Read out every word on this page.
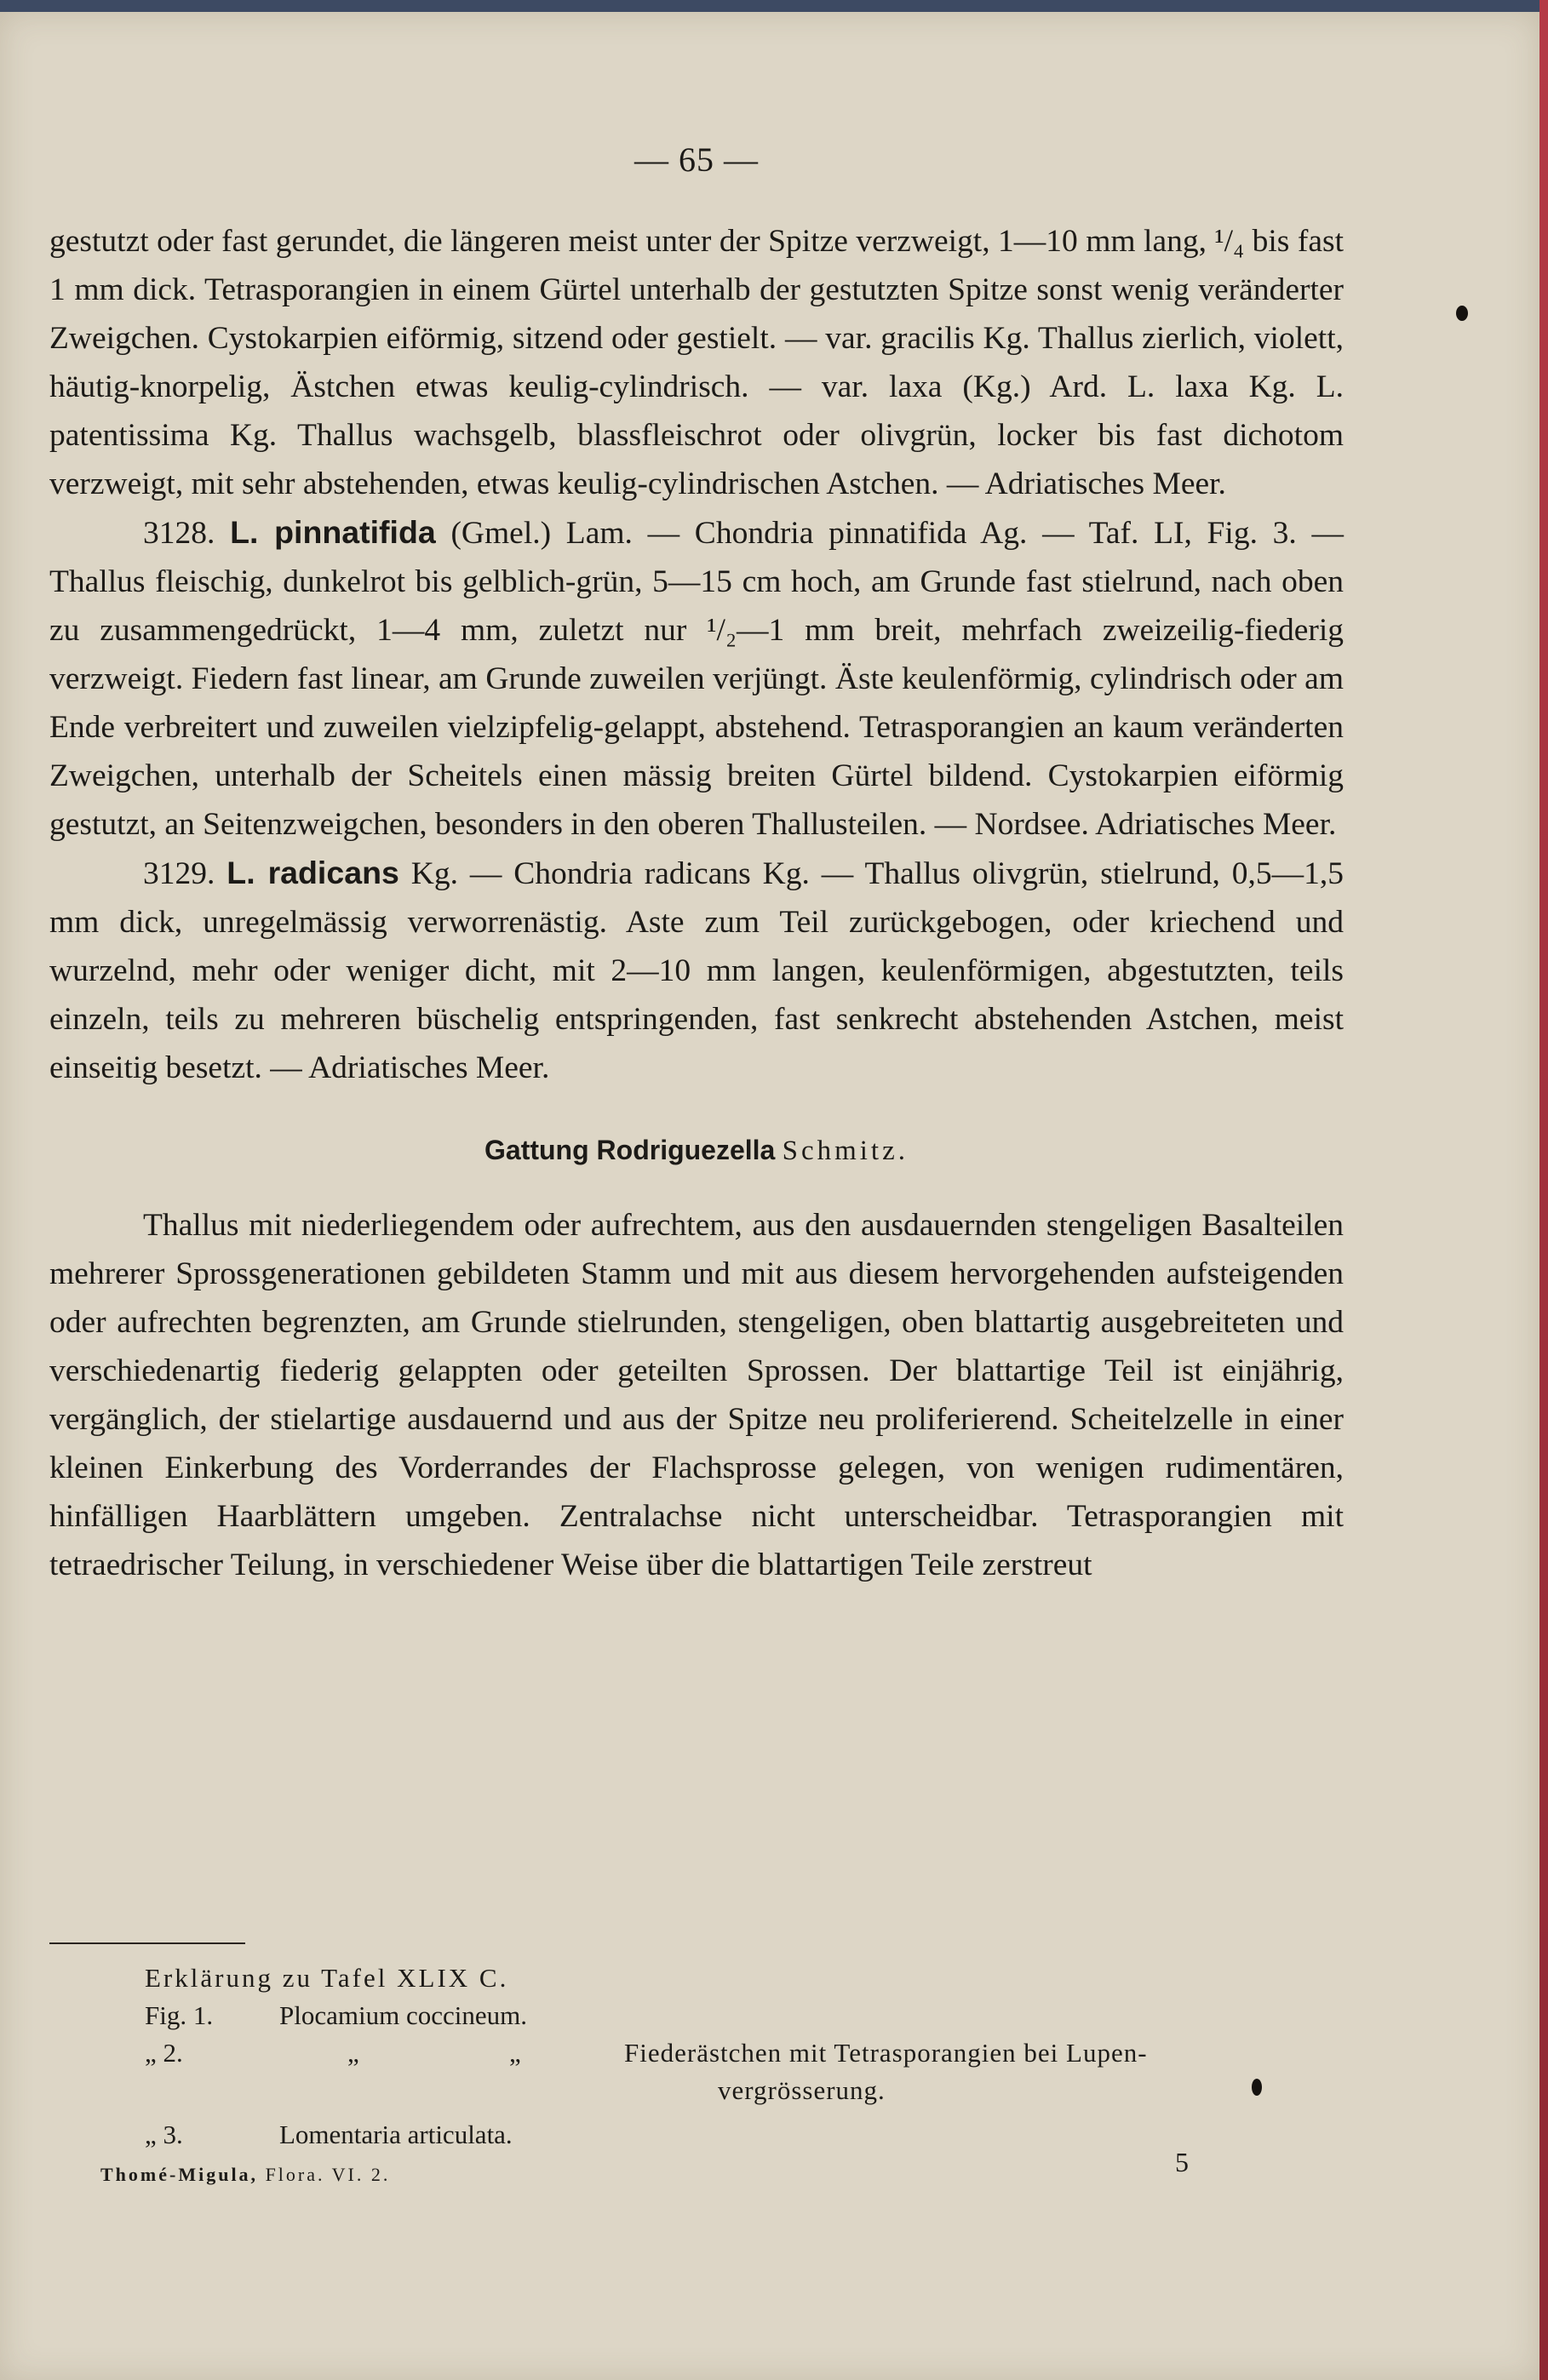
— 65 —

gestutzt oder fast gerundet, die längeren meist unter der Spitze verzweigt, 1—10 mm lang, ¹/₄ bis fast 1 mm dick. Tetrasporangien in einem Gürtel unterhalb der gestutzten Spitze sonst wenig veränderter Zweigchen. Cystokarpien eiförmig, sitzend oder gestielt. — var. gracilis Kg. Thallus zierlich, violett, häutig-knorpelig, Ästchen etwas keulig-cylindrisch. — var. laxa (Kg.) Ard. L. laxa Kg. L. patentissima Kg. Thallus wachsgelb, blassfleischrot oder olivgrün, locker bis fast dichotom verzweigt, mit sehr abstehenden, etwas keulig-cylindrischen Astchen. — Adriatisches Meer.

3128. L. pinnatifida (Gmel.) Lam. — Chondria pinnatifida Ag. — Taf. LI, Fig. 3. — Thallus fleischig, dunkelrot bis gelblich-grün, 5—15 cm hoch, am Grunde fast stielrund, nach oben zu zusammengedrückt, 1—4 mm, zuletzt nur ¹/₂—1 mm breit, mehrfach zweizeilig-fiederig verzweigt. Fiedern fast linear, am Grunde zuweilen verjüngt. Äste keulenförmig, cylindrisch oder am Ende verbreitert und zuweilen vielzipfelig-gelappt, abstehend. Tetrasporangien an kaum veränderten Zweigchen, unterhalb der Scheitels einen mässig breiten Gürtel bildend. Cystokarpien eiförmig gestutzt, an Seitenzweigchen, besonders in den oberen Thallusteilen. — Nordsee. Adriatisches Meer.

3129. L. radicans Kg. — Chondria radicans Kg. — Thallus olivgrün, stielrund, 0,5—1,5 mm dick, unregelmässig verworrenästig. Aste zum Teil zurückgebogen, oder kriechend und wurzelnd, mehr oder weniger dicht, mit 2—10 mm langen, keulenförmigen, abgestutzten, teils einzeln, teils zu mehreren büschelig entspringenden, fast senkrecht abstehenden Astchen, meist einseitig besetzt. — Adriatisches Meer.

Gattung Rodriguezella Schmitz.

Thallus mit niederliegendem oder aufrechtem, aus den ausdauernden stengeligen Basalteilen mehrerer Sprossgenerationen gebildeten Stamm und mit aus diesem hervorgehenden aufsteigenden oder aufrechten begrenzten, am Grunde stielrunden, stengeligen, oben blattartig ausgebreiteten und verschiedenartig fiederig gelappten oder geteilten Sprossen. Der blattartige Teil ist einjährig, vergänglich, der stielartige ausdauernd und aus der Spitze neu proliferierend. Scheitelzelle in einer kleinen Einkerbung des Vorderrandes der Flachsprosse gelegen, von wenigen rudimentären, hinfälligen Haarblättern umgeben. Zentralachse nicht unterscheidbar. Tetrasporangien mit tetraedrischer Teilung, in verschiedener Weise über die blattartigen Teile zerstreut

Erklärung zu Tafel XLIX C.
Fig. 1.	Plocamium coccineum.
„ 2.	„	„	Fiederästchen mit Tetrasporangien bei Lupen-
vergrösserung.
„ 3.	Lomentaria articulata.
Thomé-Migula, Flora. VI. 2.	5
